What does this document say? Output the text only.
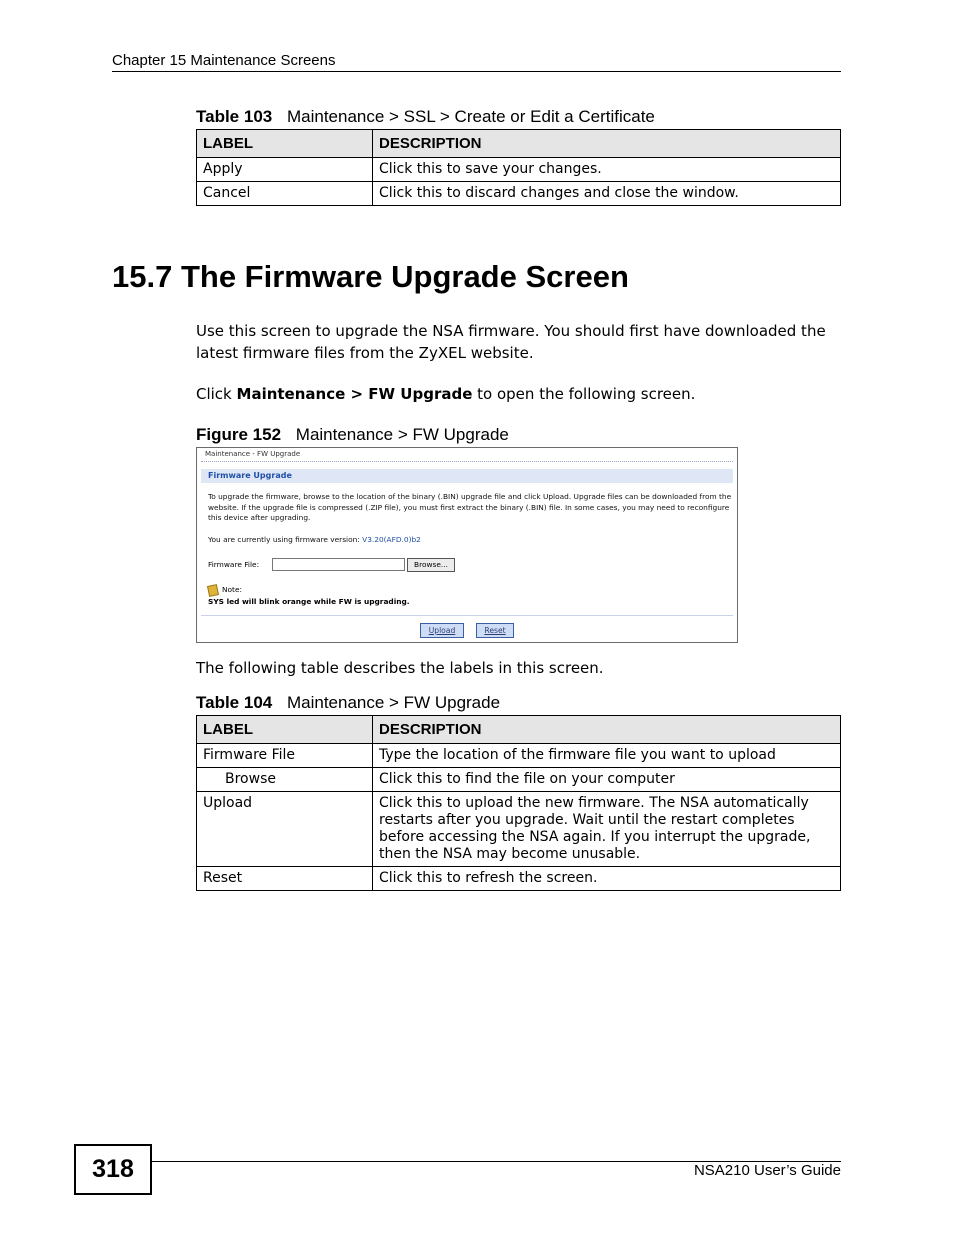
Chapter 15 Maintenance Screens
Table 103 Maintenance > SSL > Create or Edit a Certificate
LABEL	DESCRIPTION
Apply	Click this to save your changes.
Cancel	Click this to discard changes and close the window.
15.7 The Firmware Upgrade Screen
Use this screen to upgrade the NSA firmware. You should first have downloaded the latest firmware files from the ZyXEL website.
Click Maintenance > FW Upgrade to open the following screen.
Figure 152 Maintenance > FW Upgrade
Maintenance - FW Upgrade
Firmware Upgrade
To upgrade the firmware, browse to the location of the binary (.BIN) upgrade file and click Upload. Upgrade files can be downloaded from the website. If the upgrade file is compressed (.ZIP file), you must first extract the binary (.BIN) file. In some cases, you may need to reconfigure this device after upgrading.
You are currently using firmware version: V3.20(AFD.0)b2
Firmware File:	Browse...
Note:
SYS led will blink orange while FW is upgrading.
Upload	Reset
The following table describes the labels in this screen.
Table 104 Maintenance > FW Upgrade
LABEL	DESCRIPTION
Firmware File	Type the location of the firmware file you want to upload

Browse	Click this to find the file on your computer
Upload	Click this to upload the new firmware. The NSA automatically restarts after you upgrade. Wait until the restart completes before accessing the NSA again. If you interrupt the upgrade, then the NSA may become unusable.
Reset	Click this to refresh the screen.
318	NSA210 User’s Guide
